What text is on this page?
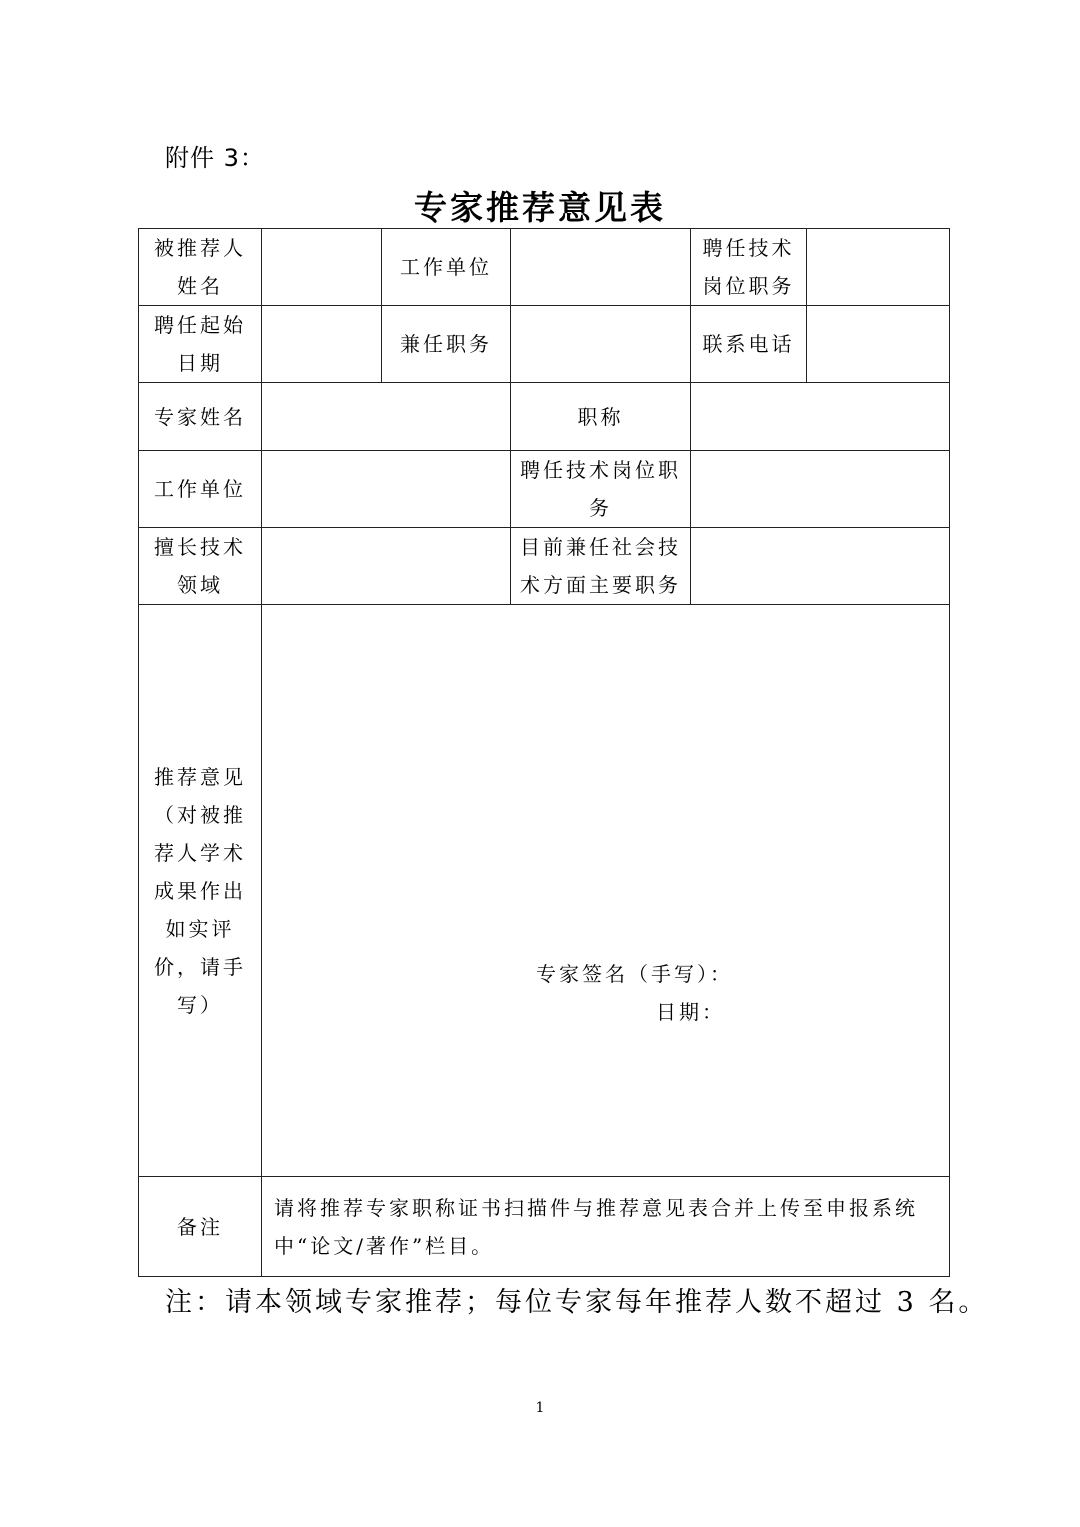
附件 3：
专家推荐意见表
被推荐人姓名		工作单位		聘任技术岗位职务	
聘任起始日期		兼任职务		联系电话	
专家姓名			职称		
工作单位			聘任技术岗位职务		
擅长技术领域			目前兼任社会技术方面主要职务		
推荐意见（对被推荐人学术成果作出如实评价，请手写）	专家签名（手写）：
日期：				

备注	请将推荐专家职称证书扫描件与推荐意见表合并上传至申报系统中“论文/著作”栏目。				
注：请本领域专家推荐；每位专家每年推荐人数不超过 3 名。
1
